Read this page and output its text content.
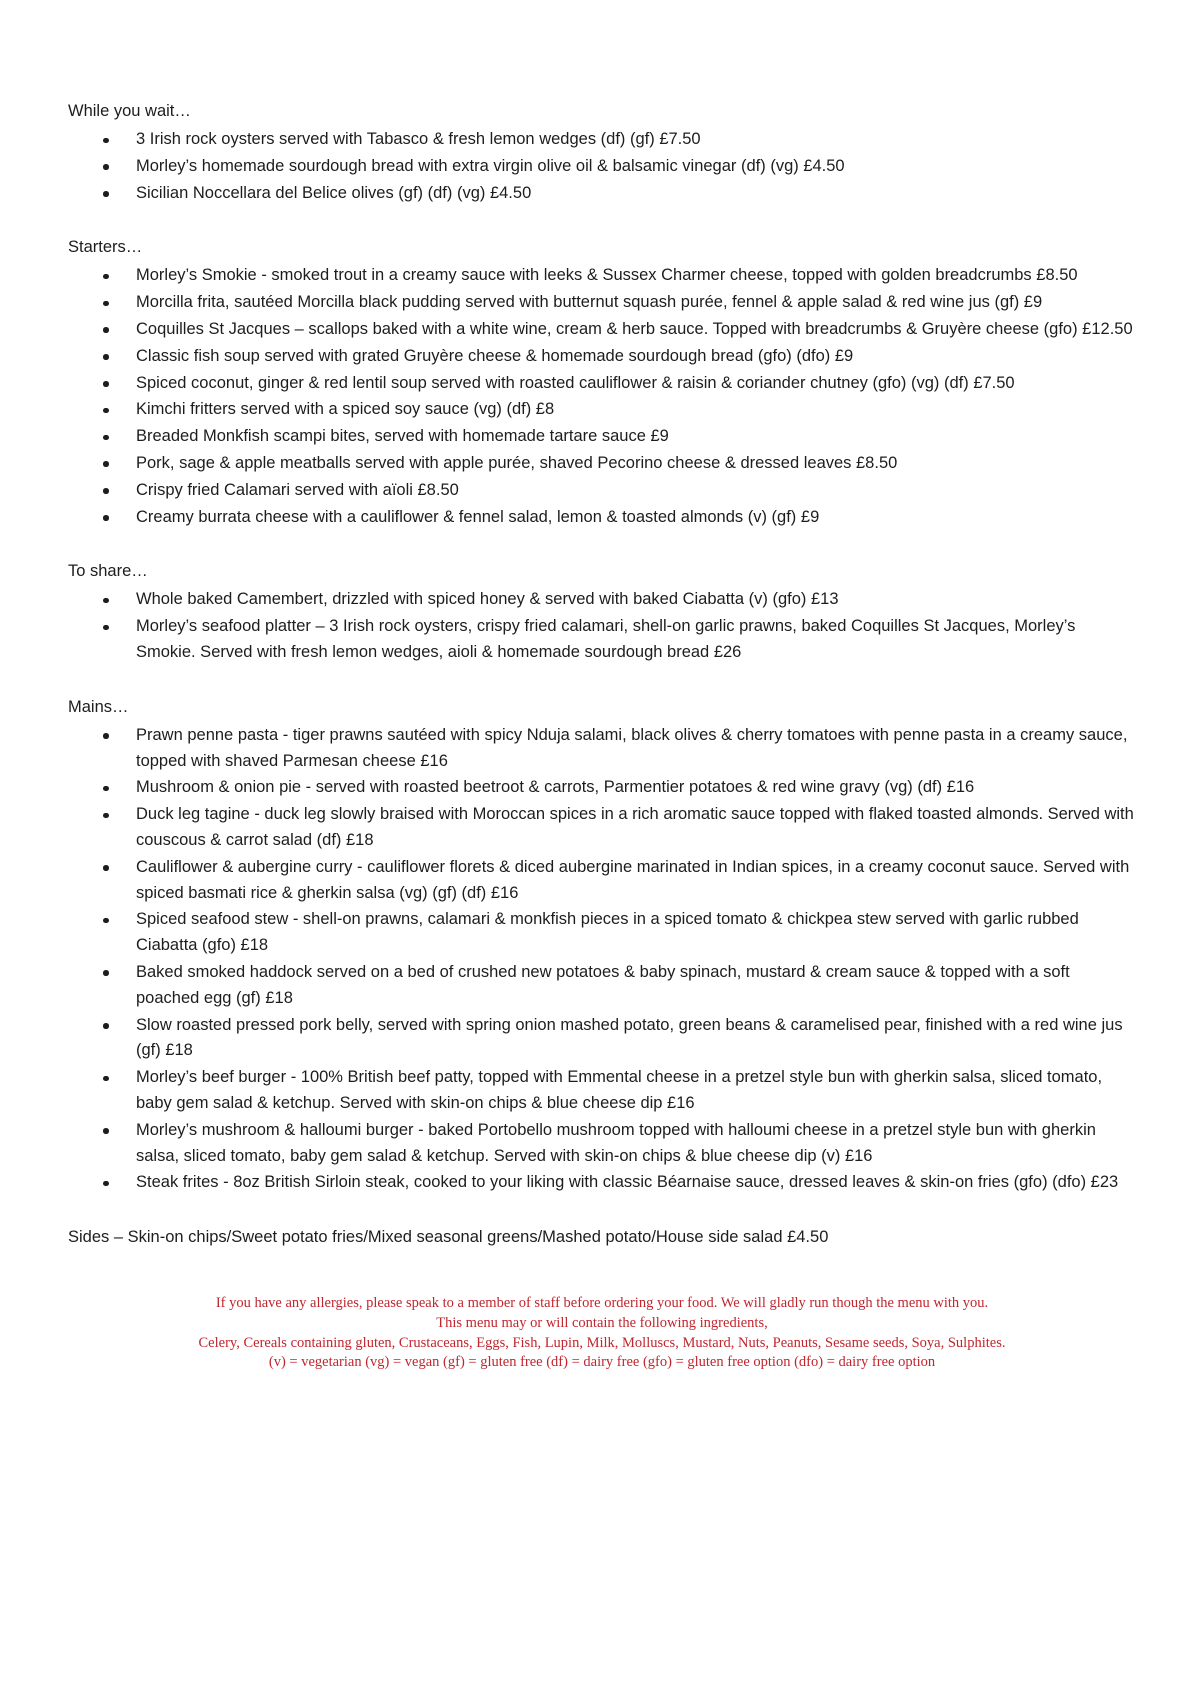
While you wait…
3 Irish rock oysters served with Tabasco & fresh lemon wedges (df) (gf) £7.50
Morley’s homemade sourdough bread with extra virgin olive oil & balsamic vinegar (df) (vg) £4.50
Sicilian Noccellara del Belice olives (gf) (df) (vg) £4.50
Starters…
Morley’s Smokie - smoked trout in a creamy sauce with leeks & Sussex Charmer cheese, topped with golden breadcrumbs £8.50
Morcilla frita, sautéed Morcilla black pudding served with butternut squash purée, fennel & apple salad & red wine jus (gf) £9
Coquilles St Jacques – scallops baked with a white wine, cream & herb sauce. Topped with breadcrumbs & Gruyère cheese (gfo) £12.50
Classic fish soup served with grated Gruyère cheese & homemade sourdough bread (gfo) (dfo) £9
Spiced coconut, ginger & red lentil soup served with roasted cauliflower & raisin & coriander chutney (gfo) (vg) (df) £7.50
Kimchi fritters served with a spiced soy sauce (vg) (df) £8
Breaded Monkfish scampi bites, served with homemade tartare sauce £9
Pork, sage & apple meatballs served with apple purée, shaved Pecorino cheese & dressed leaves £8.50
Crispy fried Calamari served with aïoli £8.50
Creamy burrata cheese with a cauliflower & fennel salad, lemon & toasted almonds (v) (gf) £9
To share…
Whole baked Camembert, drizzled with spiced honey & served with baked Ciabatta (v) (gfo) £13
Morley’s seafood platter – 3 Irish rock oysters, crispy fried calamari, shell-on garlic prawns, baked Coquilles St Jacques, Morley’s Smokie. Served with fresh lemon wedges, aioli & homemade sourdough bread £26
Mains…
Prawn penne pasta - tiger prawns sautéed with spicy Nduja salami, black olives & cherry tomatoes with penne pasta in a creamy sauce, topped with shaved Parmesan cheese £16
Mushroom & onion pie - served with roasted beetroot & carrots, Parmentier potatoes & red wine gravy (vg) (df) £16
Duck leg tagine - duck leg slowly braised with Moroccan spices in a rich aromatic sauce topped with flaked toasted almonds. Served with couscous & carrot salad (df) £18
Cauliflower & aubergine curry - cauliflower florets & diced aubergine marinated in Indian spices, in a creamy coconut sauce. Served with spiced basmati rice & gherkin salsa (vg) (gf) (df) £16
Spiced seafood stew - shell-on prawns, calamari & monkfish pieces in a spiced tomato & chickpea stew served with garlic rubbed Ciabatta (gfo) £18
Baked smoked haddock served on a bed of crushed new potatoes & baby spinach, mustard & cream sauce & topped with a soft poached egg (gf) £18
Slow roasted pressed pork belly, served with spring onion mashed potato, green beans & caramelised pear, finished with a red wine jus (gf) £18
Morley’s beef burger - 100% British beef patty, topped with Emmental cheese in a pretzel style bun with gherkin salsa, sliced tomato, baby gem salad & ketchup. Served with skin-on chips & blue cheese dip £16
Morley’s mushroom & halloumi burger - baked Portobello mushroom topped with halloumi cheese in a pretzel style bun with gherkin salsa, sliced tomato, baby gem salad & ketchup. Served with skin-on chips & blue cheese dip (v) £16
Steak frites - 8oz British Sirloin steak, cooked to your liking with classic Béarnaise sauce, dressed leaves & skin-on fries (gfo) (dfo) £23

Sides – Skin-on chips/Sweet potato fries/Mixed seasonal greens/Mashed potato/House side salad £4.50

If you have any allergies, please speak to a member of staff before ordering your food. We will gladly run though the menu with you.

This menu may or will contain the following ingredients,

Celery, Cereals containing gluten, Crustaceans, Eggs, Fish, Lupin, Milk, Molluscs, Mustard, Nuts, Peanuts, Sesame seeds, Soya, Sulphites.

(v) = vegetarian (vg) = vegan (gf) = gluten free (df) = dairy free (gfo) = gluten free option (dfo) = dairy free option
